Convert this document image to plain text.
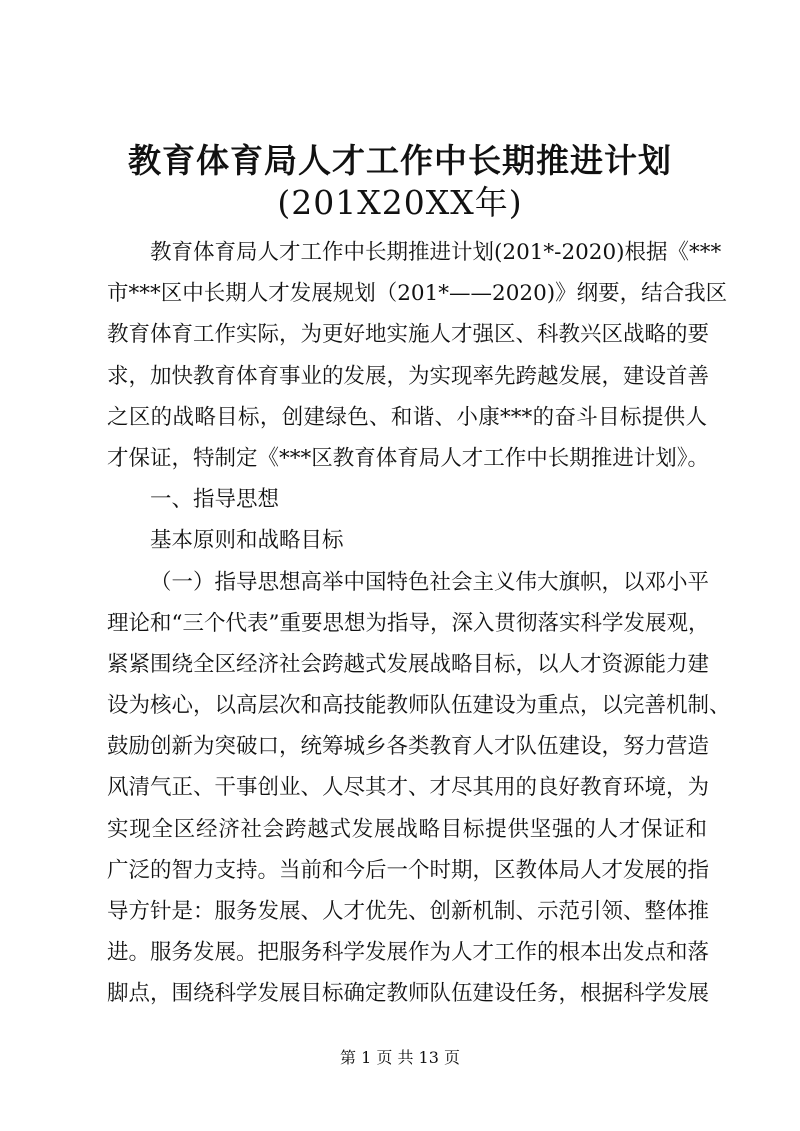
教育体育局人才工作中长期推进计划
(201X20XX年)
教育体育局人才工作中长期推进计划(201*-2020)根据《***
市***区中长期人才发展规划（201*——2020)》纲要，结合我区
教育体育工作实际，为更好地实施人才强区、科教兴区战略的要
求，加快教育体育事业的发展，为实现率先跨越发展，建设首善
之区的战略目标，创建绿色、和谐、小康***的奋斗目标提供人
才保证，特制定《***区教育体育局人才工作中长期推进计划》。
一、指导思想
基本原则和战略目标
（一）指导思想高举中国特色社会主义伟大旗帜，以邓小平
理论和“三个代表”重要思想为指导，深入贯彻落实科学发展观，
紧紧围绕全区经济社会跨越式发展战略目标，以人才资源能力建
设为核心，以高层次和高技能教师队伍建设为重点，以完善机制、
鼓励创新为突破口，统筹城乡各类教育人才队伍建设，努力营造
风清气正、干事创业、人尽其才、才尽其用的良好教育环境，为
实现全区经济社会跨越式发展战略目标提供坚强的人才保证和
广泛的智力支持。当前和今后一个时期，区教体局人才发展的指
导方针是：服务发展、人才优先、创新机制、示范引领、整体推
进。服务发展。把服务科学发展作为人才工作的根本出发点和落
脚点，围绕科学发展目标确定教师队伍建设任务，根据科学发展
第 1 页 共 13 页
